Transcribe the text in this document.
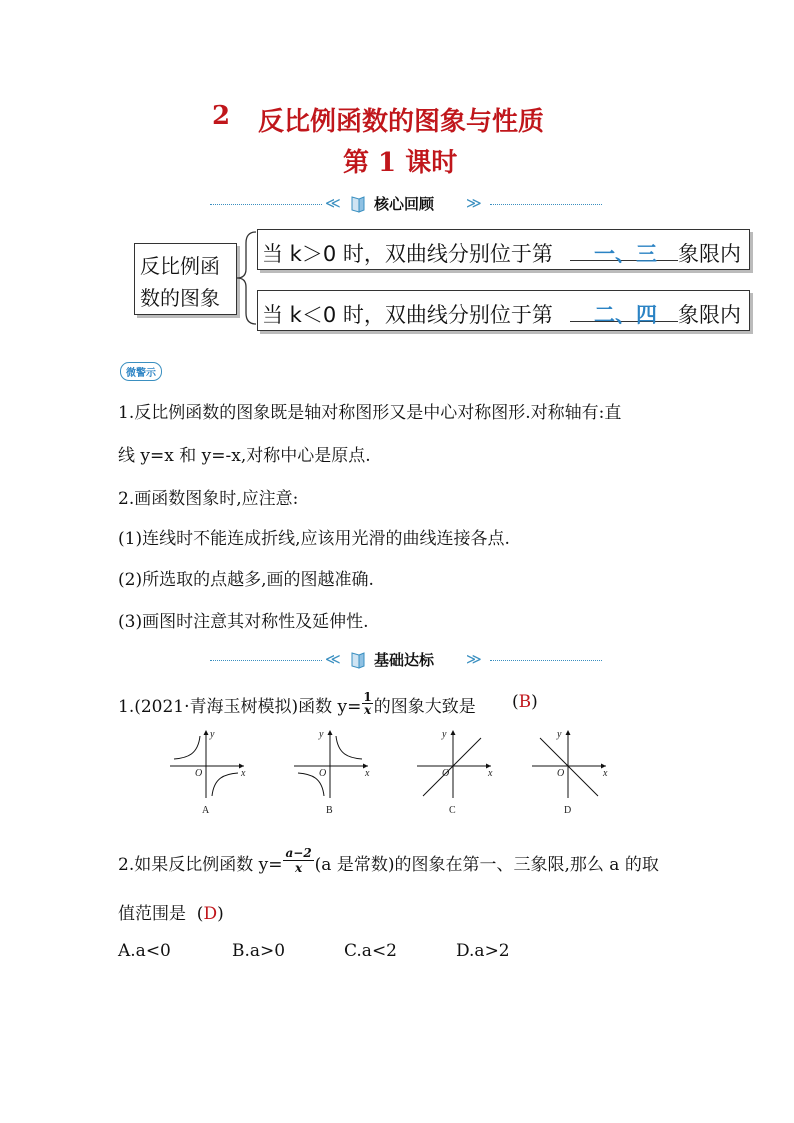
2 反比例函数的图象与性质
第 1 课时
≪ 核心回顾 ≫
反比例函
数的图象
当 k＞0 时，双曲线分别位于第 一、三 象限内
当 k＜0 时，双曲线分别位于第 二、四 象限内
微警示
1.反比例函数的图象既是轴对称图形又是中心对称图形.对称轴有:直
线 y=x 和 y=-x,对称中心是原点.
2.画函数图象时,应注意:
(1)连线时不能连成折线,应该用光滑的曲线连接各点.
(2)所选取的点越多,画的图越准确.
(3)画图时注意其对称性及延伸性.
≪ 基础达标 ≫
1.(2021·青海玉树模拟)函数 $y= \frac{1}{x}$ 的图象大致是 (B)
y
x
O
A
y
x
O
B
y
x
O
C
y
x
O
D
2.如果反比例函数 $y= \frac{a-2}{x} (a$ 是常数)的图象在第一、三象限,那么 a 的取
值范围是  (D)
A.a<0	B.a>0	C.a<2	D.a>2
